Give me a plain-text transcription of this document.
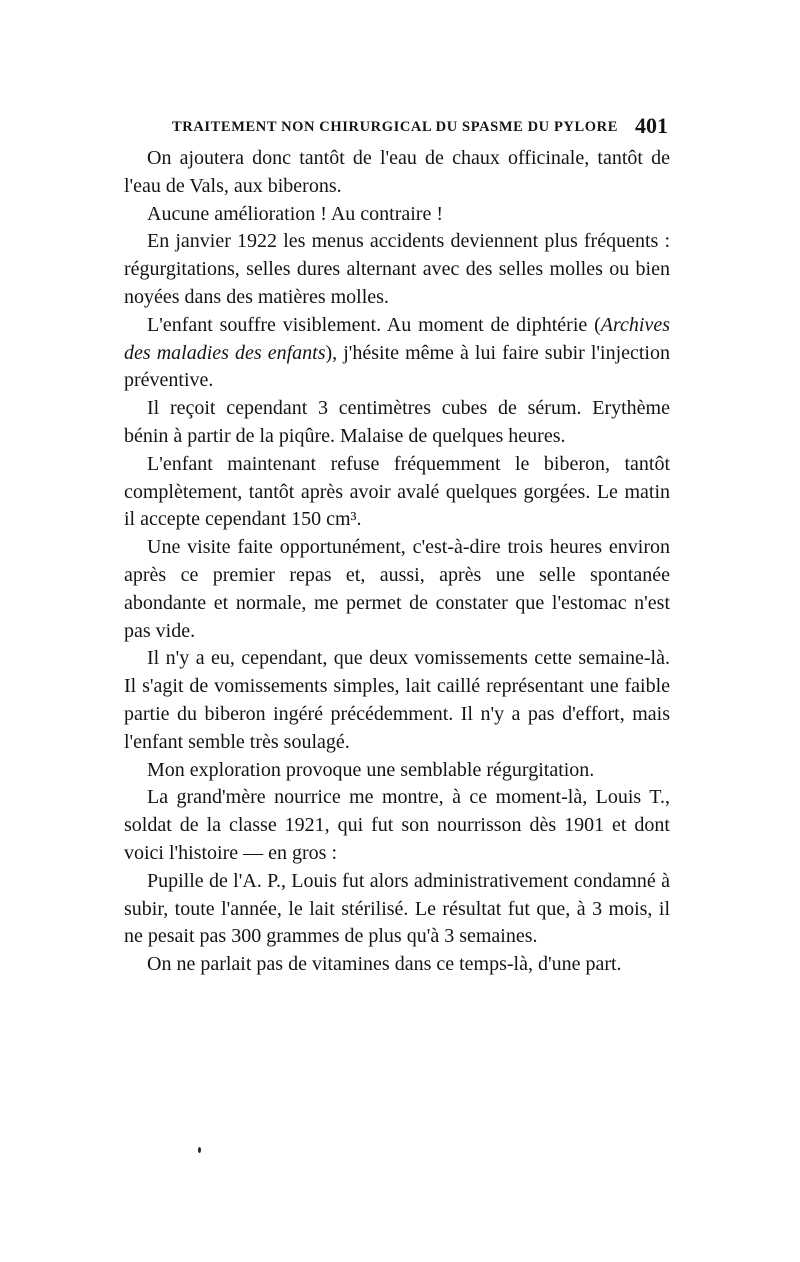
TRAITEMENT NON CHIRURGICAL DU SPASME DU PYLORE 401

On ajoutera donc tantôt de l'eau de chaux officinale, tantôt de l'eau de Vals, aux biberons.

Aucune amélioration ! Au contraire !

En janvier 1922 les menus accidents deviennent plus fréquents : régurgitations, selles dures alternant avec des selles molles ou bien noyées dans des matières molles.

L'enfant souffre visiblement. Au moment de diphtérie (Archives des maladies des enfants), j'hésite même à lui faire subir l'injection préventive.

Il reçoit cependant 3 centimètres cubes de sérum. Erythème bénin à partir de la piqûre. Malaise de quelques heures.

L'enfant maintenant refuse fréquemment le biberon, tantôt complètement, tantôt après avoir avalé quelques gorgées. Le matin il accepte cependant 150 cm³.

Une visite faite opportunément, c'est-à-dire trois heures environ après ce premier repas et, aussi, après une selle spontanée abondante et normale, me permet de constater que l'estomac n'est pas vide.

Il n'y a eu, cependant, que deux vomissements cette semaine-là. Il s'agit de vomissements simples, lait caillé représentant une faible partie du biberon ingéré précédemment. Il n'y a pas d'effort, mais l'enfant semble très soulagé.

Mon exploration provoque une semblable régurgitation.

La grand'mère nourrice me montre, à ce moment-là, Louis T., soldat de la classe 1921, qui fut son nourrisson dès 1901 et dont voici l'histoire — en gros :

Pupille de l'A. P., Louis fut alors administrativement condamné à subir, toute l'année, le lait stérilisé. Le résultat fut que, à 3 mois, il ne pesait pas 300 grammes de plus qu'à 3 semaines.

On ne parlait pas de vitamines dans ce temps-là, d'une part.
